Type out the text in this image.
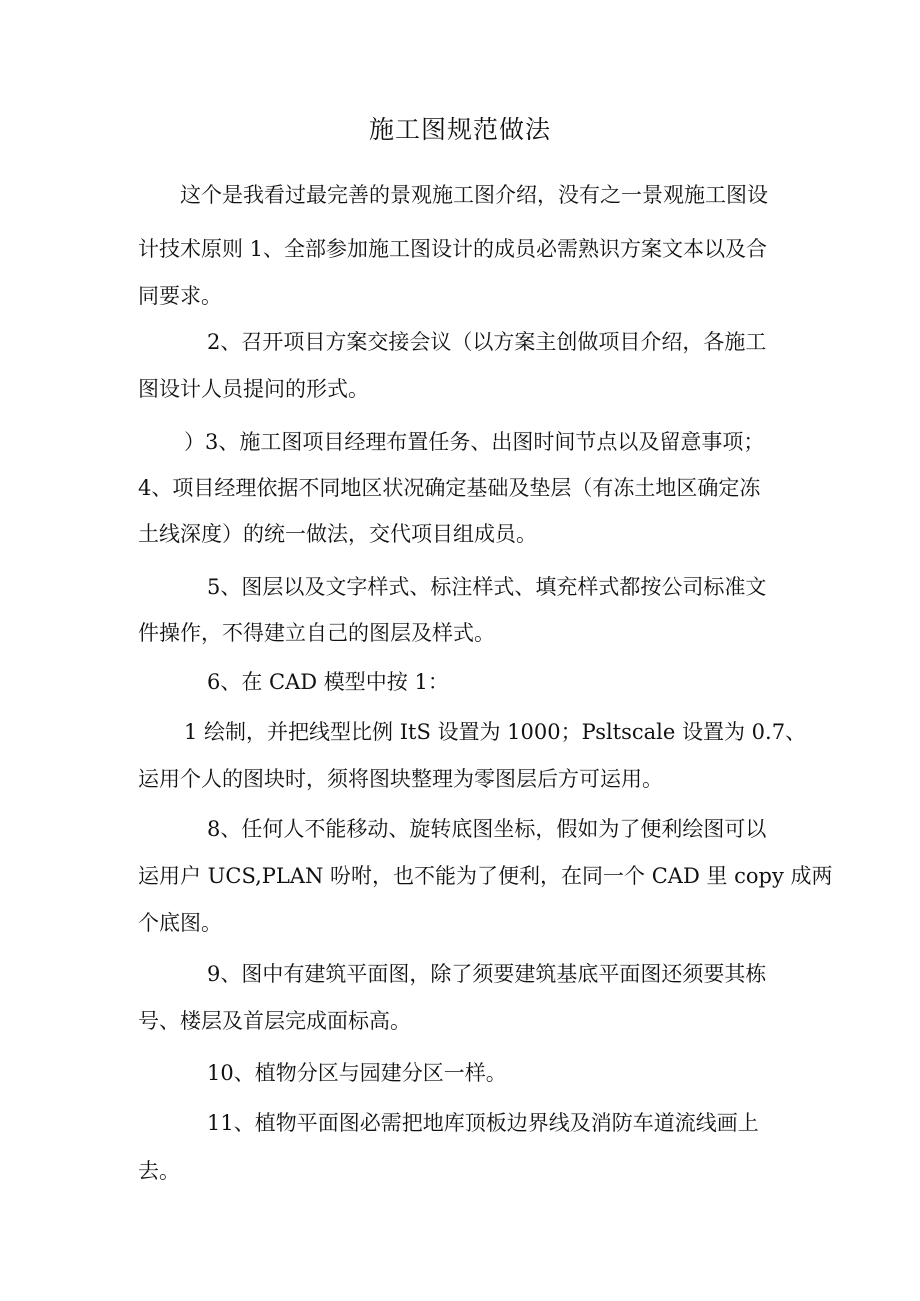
施工图规范做法
这个是我看过最完善的景观施工图介绍，没有之一景观施工图设
计技术原则 1、全部参加施工图设计的成员必需熟识方案文本以及合
同要求。
2、召开项目方案交接会议（以方案主创做项目介绍，各施工
图设计人员提问的形式。
）3、施工图项目经理布置任务、出图时间节点以及留意事项；
4、项目经理依据不同地区状况确定基础及垫层（有冻土地区确定冻
土线深度）的统一做法，交代项目组成员。
5、图层以及文字样式、标注样式、填充样式都按公司标准文
件操作，不得建立自己的图层及样式。
6、在 CAD 模型中按 1：
1 绘制，并把线型比例 ItS 设置为 1000；Psltscale 设置为 0.7、
运用个人的图块时，须将图块整理为零图层后方可运用。
8、任何人不能移动、旋转底图坐标，假如为了便利绘图可以
运用户 UCS,PLAN 吩咐，也不能为了便利，在同一个 CAD 里 copy 成两
个底图。
9、图中有建筑平面图，除了须要建筑基底平面图还须要其栋
号、楼层及首层完成面标高。
10、植物分区与园建分区一样。
11、植物平面图必需把地库顶板边界线及消防车道流线画上
去。
